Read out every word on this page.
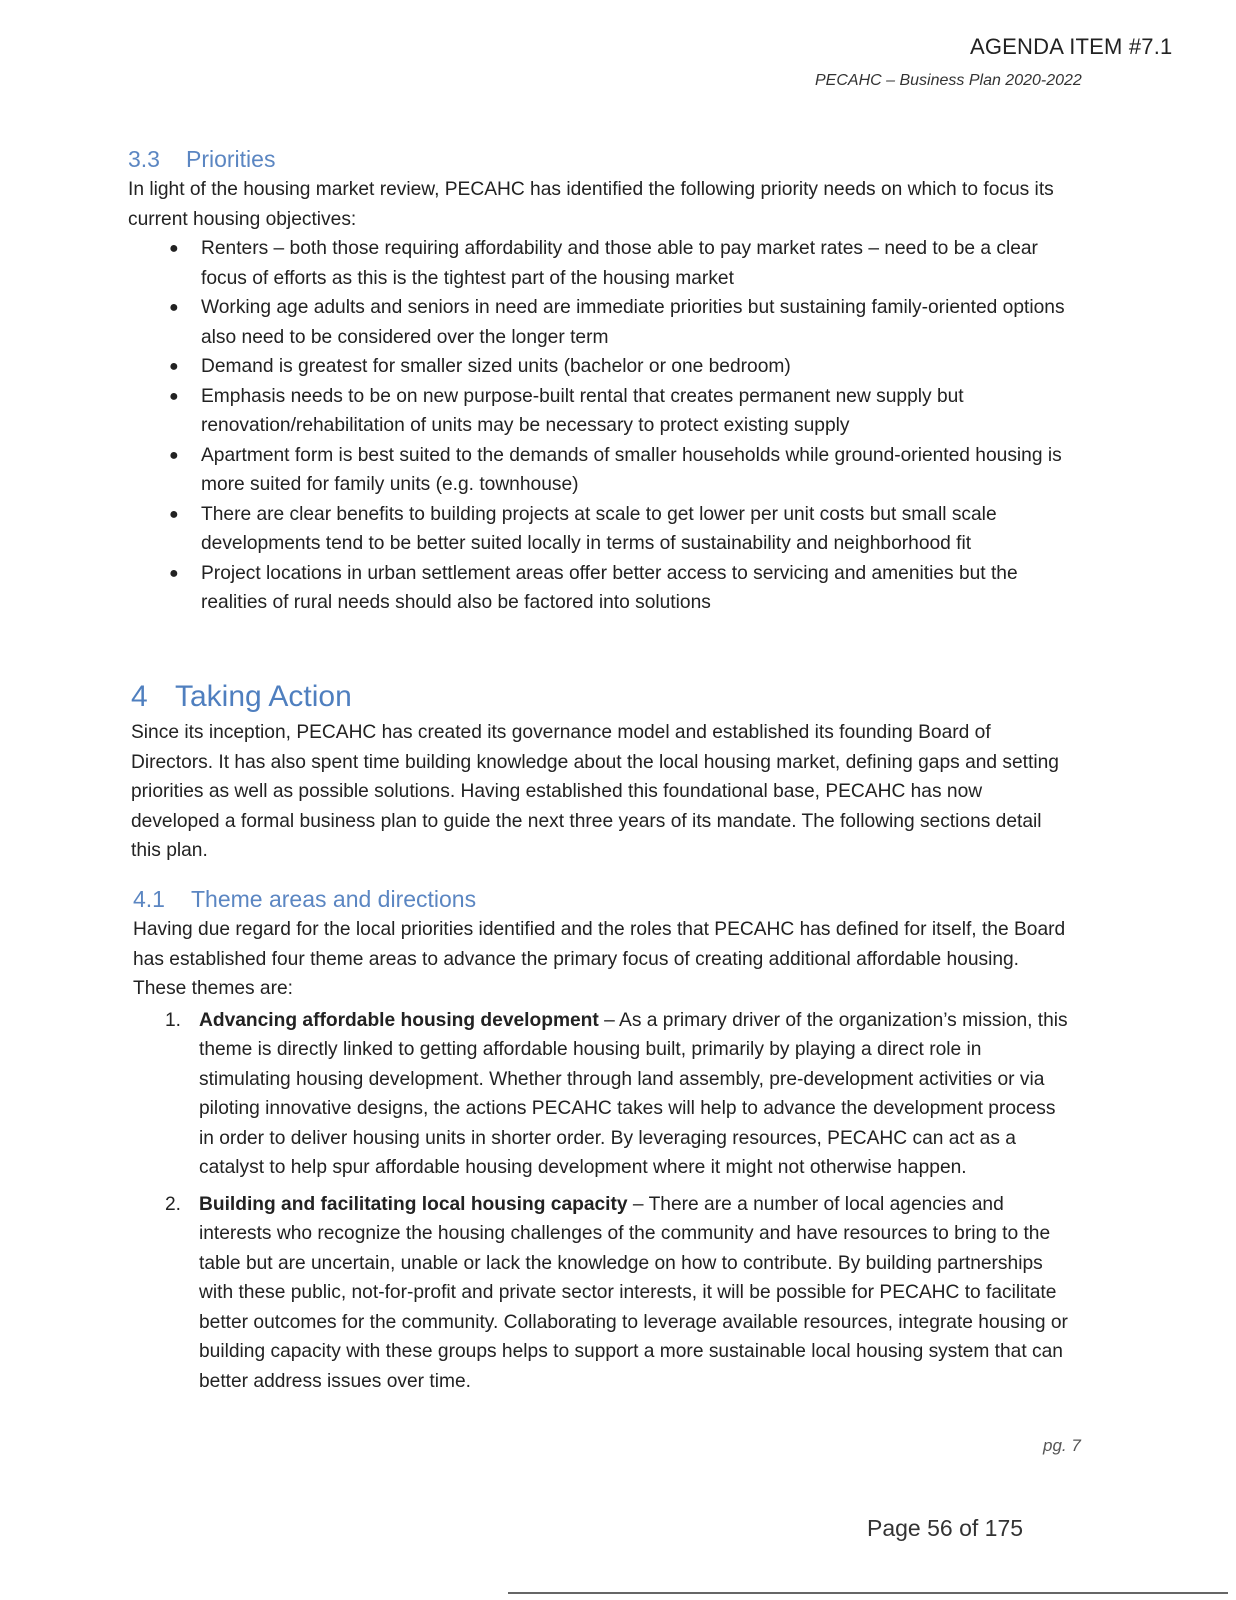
AGENDA ITEM #7.1
PECAHC – Business Plan 2020-2022
3.3 Priorities
In light of the housing market review, PECAHC has identified the following priority needs on which to focus its current housing objectives:
● Renters – both those requiring affordability and those able to pay market rates – need to be a clear focus of efforts as this is the tightest part of the housing market
● Working age adults and seniors in need are immediate priorities but sustaining family-oriented options also need to be considered over the longer term
● Demand is greatest for smaller sized units (bachelor or one bedroom)
● Emphasis needs to be on new purpose-built rental that creates permanent new supply but renovation/rehabilitation of units may be necessary to protect existing supply
● Apartment form is best suited to the demands of smaller households while ground-oriented housing is more suited for family units (e.g. townhouse)
● There are clear benefits to building projects at scale to get lower per unit costs but small scale developments tend to be better suited locally in terms of sustainability and neighborhood fit
● Project locations in urban settlement areas offer better access to servicing and amenities but the realities of rural needs should also be factored into solutions
4 Taking Action
Since its inception, PECAHC has created its governance model and established its founding Board of Directors. It has also spent time building knowledge about the local housing market, defining gaps and setting priorities as well as possible solutions. Having established this foundational base, PECAHC has now developed a formal business plan to guide the next three years of its mandate. The following sections detail this plan.
4.1 Theme areas and directions
Having due regard for the local priorities identified and the roles that PECAHC has defined for itself, the Board has established four theme areas to advance the primary focus of creating additional affordable housing. These themes are:
1. Advancing affordable housing development – As a primary driver of the organization’s mission, this theme is directly linked to getting affordable housing built, primarily by playing a direct role in stimulating housing development. Whether through land assembly, pre-development activities or via piloting innovative designs, the actions PECAHC takes will help to advance the development process in order to deliver housing units in shorter order. By leveraging resources, PECAHC can act as a catalyst to help spur affordable housing development where it might not otherwise happen.
2. Building and facilitating local housing capacity – There are a number of local agencies and interests who recognize the housing challenges of the community and have resources to bring to the table but are uncertain, unable or lack the knowledge on how to contribute. By building partnerships with these public, not-for-profit and private sector interests, it will be possible for PECAHC to facilitate better outcomes for the community. Collaborating to leverage available resources, integrate housing or building capacity with these groups helps to support a more sustainable local housing system that can better address issues over time.
pg. 7
Page 56 of 175
